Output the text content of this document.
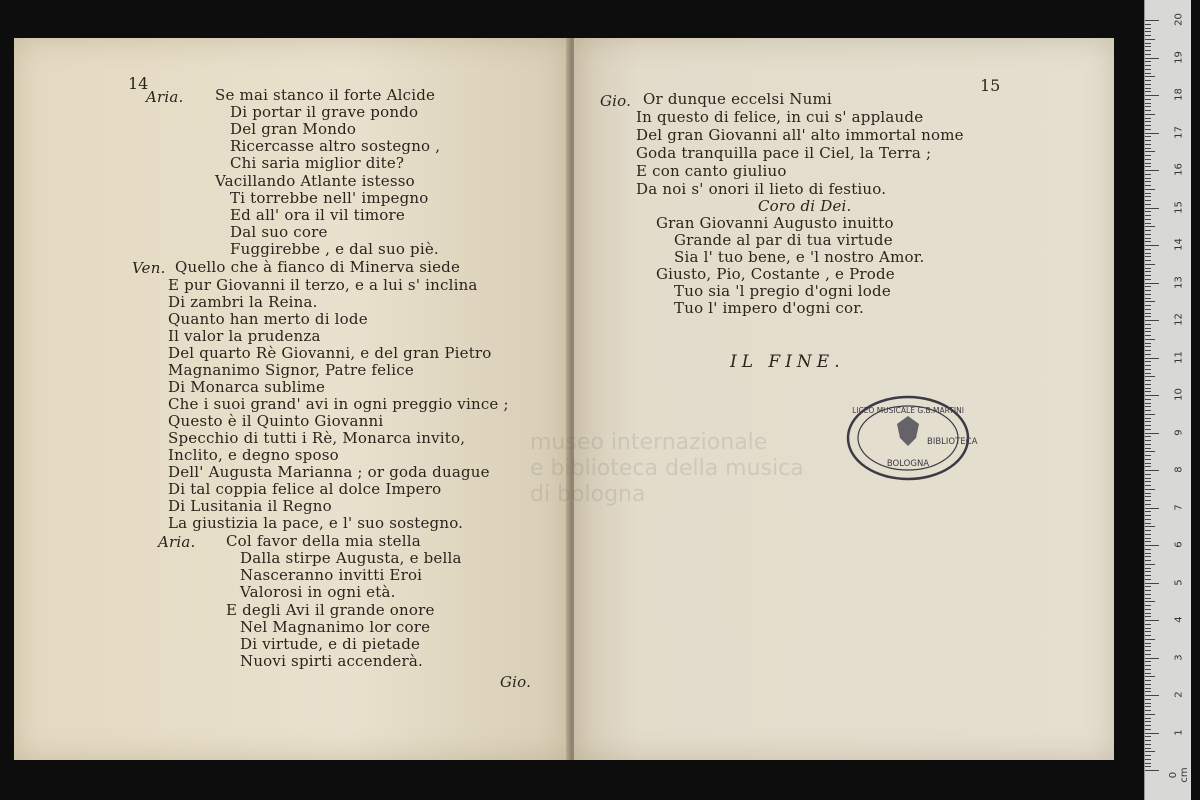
14
Aria. Se mai stanco il forte Alcide
Di portar il grave pondo
Del gran Mondo
Ricercasse altro sostegno ,
Chi saria miglior dite?
Vacillando Atlante istesso
Ti torrebbe nell' impegno
Ed all' ora il vil timore
Dal suo core
Fuggirebbe , e dal suo piè.
Ven. Quello che à fianco di Minerva siede
E pur Giovanni il terzo, e a lui s' inclina
Di zambri la Reina.
Quanto han merto di lode
Il valor la prudenza
Del quarto Rè Giovanni, e del gran Pietro
Magnanimo Signor, Patre felice
Di Monarca sublime
Che i suoi grand' avi in ogni preggio vince ;
Questo è il Quinto Giovanni
Specchio di tutti i Rè, Monarca invito,
Inclito, e degno sposo
Dell' Augusta Marianna ; or goda duague
Di tal coppia felice al dolce Impero
Di Lusitania il Regno
La giustizia la pace, e l' suo sostegno.
Aria. Col favor della mia stella
Dalla stirpe Augusta, e bella
Nasceranno invitti Eroi
Valorosi in ogni età.
E degli Avi il grande onore
Nel Magnanimo lor core
Di virtude, e di pietade
Nuovi spirti accenderà.
Gio.
15
Gio. Or dunque eccelsi Numi
In questo di felice, in cui s' applaude
Del gran Giovanni all' alto immortal nome
Goda tranquilla pace il Ciel, la Terra ;
E con canto giuliuo
Da noi s' onori il lieto di festiuo.
Coro di Dei.
Gran Giovanni Augusto inuitto
Grande al par di tua virtude
Sia l' tuo bene, e 'l nostro Amor.
Giusto, Pio, Costante , e Prode
Tuo sia 'l pregio d'ogni lode
Tuo l' impero d'ogni cor.
IL FINE.
museo internazionale
e biblioteca della musica
di bologna
LICEO MUSICALE G.B.MARTINI
BIBLIOTECA
BOLOGNA
0 cm
1
2
3
4
5
6
7
8
9
10
11
12
13
14
15
16
17
18
19
20
